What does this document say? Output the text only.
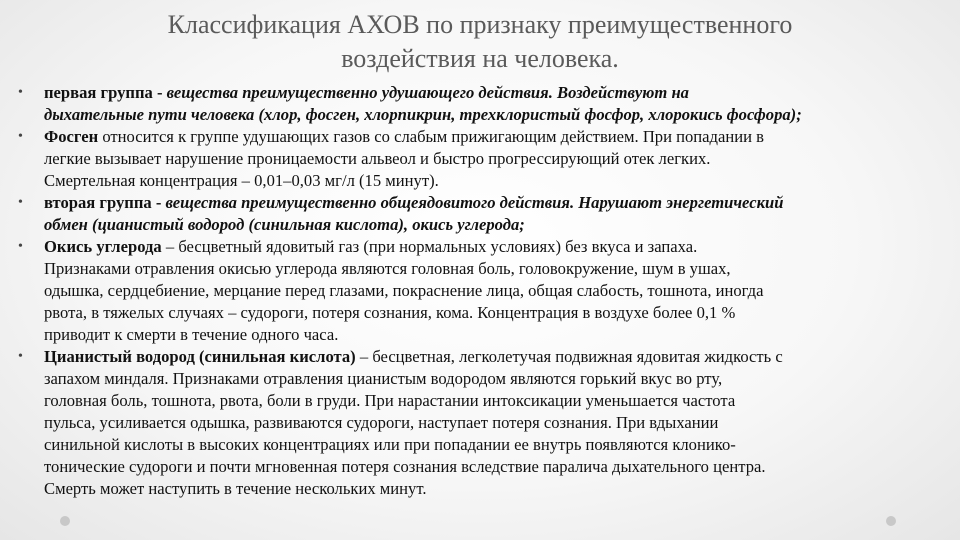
Классификация АХОВ по признаку преимущественного
воздействия на человека.
• первая группа - вещества преимущественно удушающего действия. Воздействуют на
дыхательные пути человека (хлор, фосген, хлорпикрин, трехклористый фосфор, хлорокись фосфора);
• Фосген относится к группе удушающих газов со слабым прижигающим действием. При попадании в
легкие вызывает нарушение проницаемости альвеол и быстро прогрессирующий отек легких.
Смертельная концентрация – 0,01–0,03 мг/л (15 минут).
• вторая группа - вещества преимущественно общеядовитого действия. Нарушают энергетический
обмен (цианистый водород (синильная кислота), окись углерода;
• Окись углерода – бесцветный ядовитый газ (при нормальных условиях) без вкуса и запаха.
Признаками отравления окисью углерода являются головная боль, головокружение, шум в ушах,
одышка, сердцебиение, мерцание перед глазами, покраснение лица, общая слабость, тошнота, иногда
рвота, в тяжелых случаях – судороги, потеря сознания, кома. Концентрация в воздухе более 0,1 %
приводит к смерти в течение одного часа.
• Цианистый водород (синильная кислота) – бесцветная, легколетучая подвижная ядовитая жидкость с
запахом миндаля. Признаками отравления цианистым водородом являются горький вкус во рту,
головная боль, тошнота, рвота, боли в груди. При нарастании интоксикации уменьшается частота
пульса, усиливается одышка, развиваются судороги, наступает потеря сознания. При вдыхании
синильной кислоты в высоких концентрациях или при попадании ее внутрь появляются клонико-
тонические судороги и почти мгновенная потеря сознания вследствие паралича дыхательного центра.
Смерть может наступить в течение нескольких минут.
